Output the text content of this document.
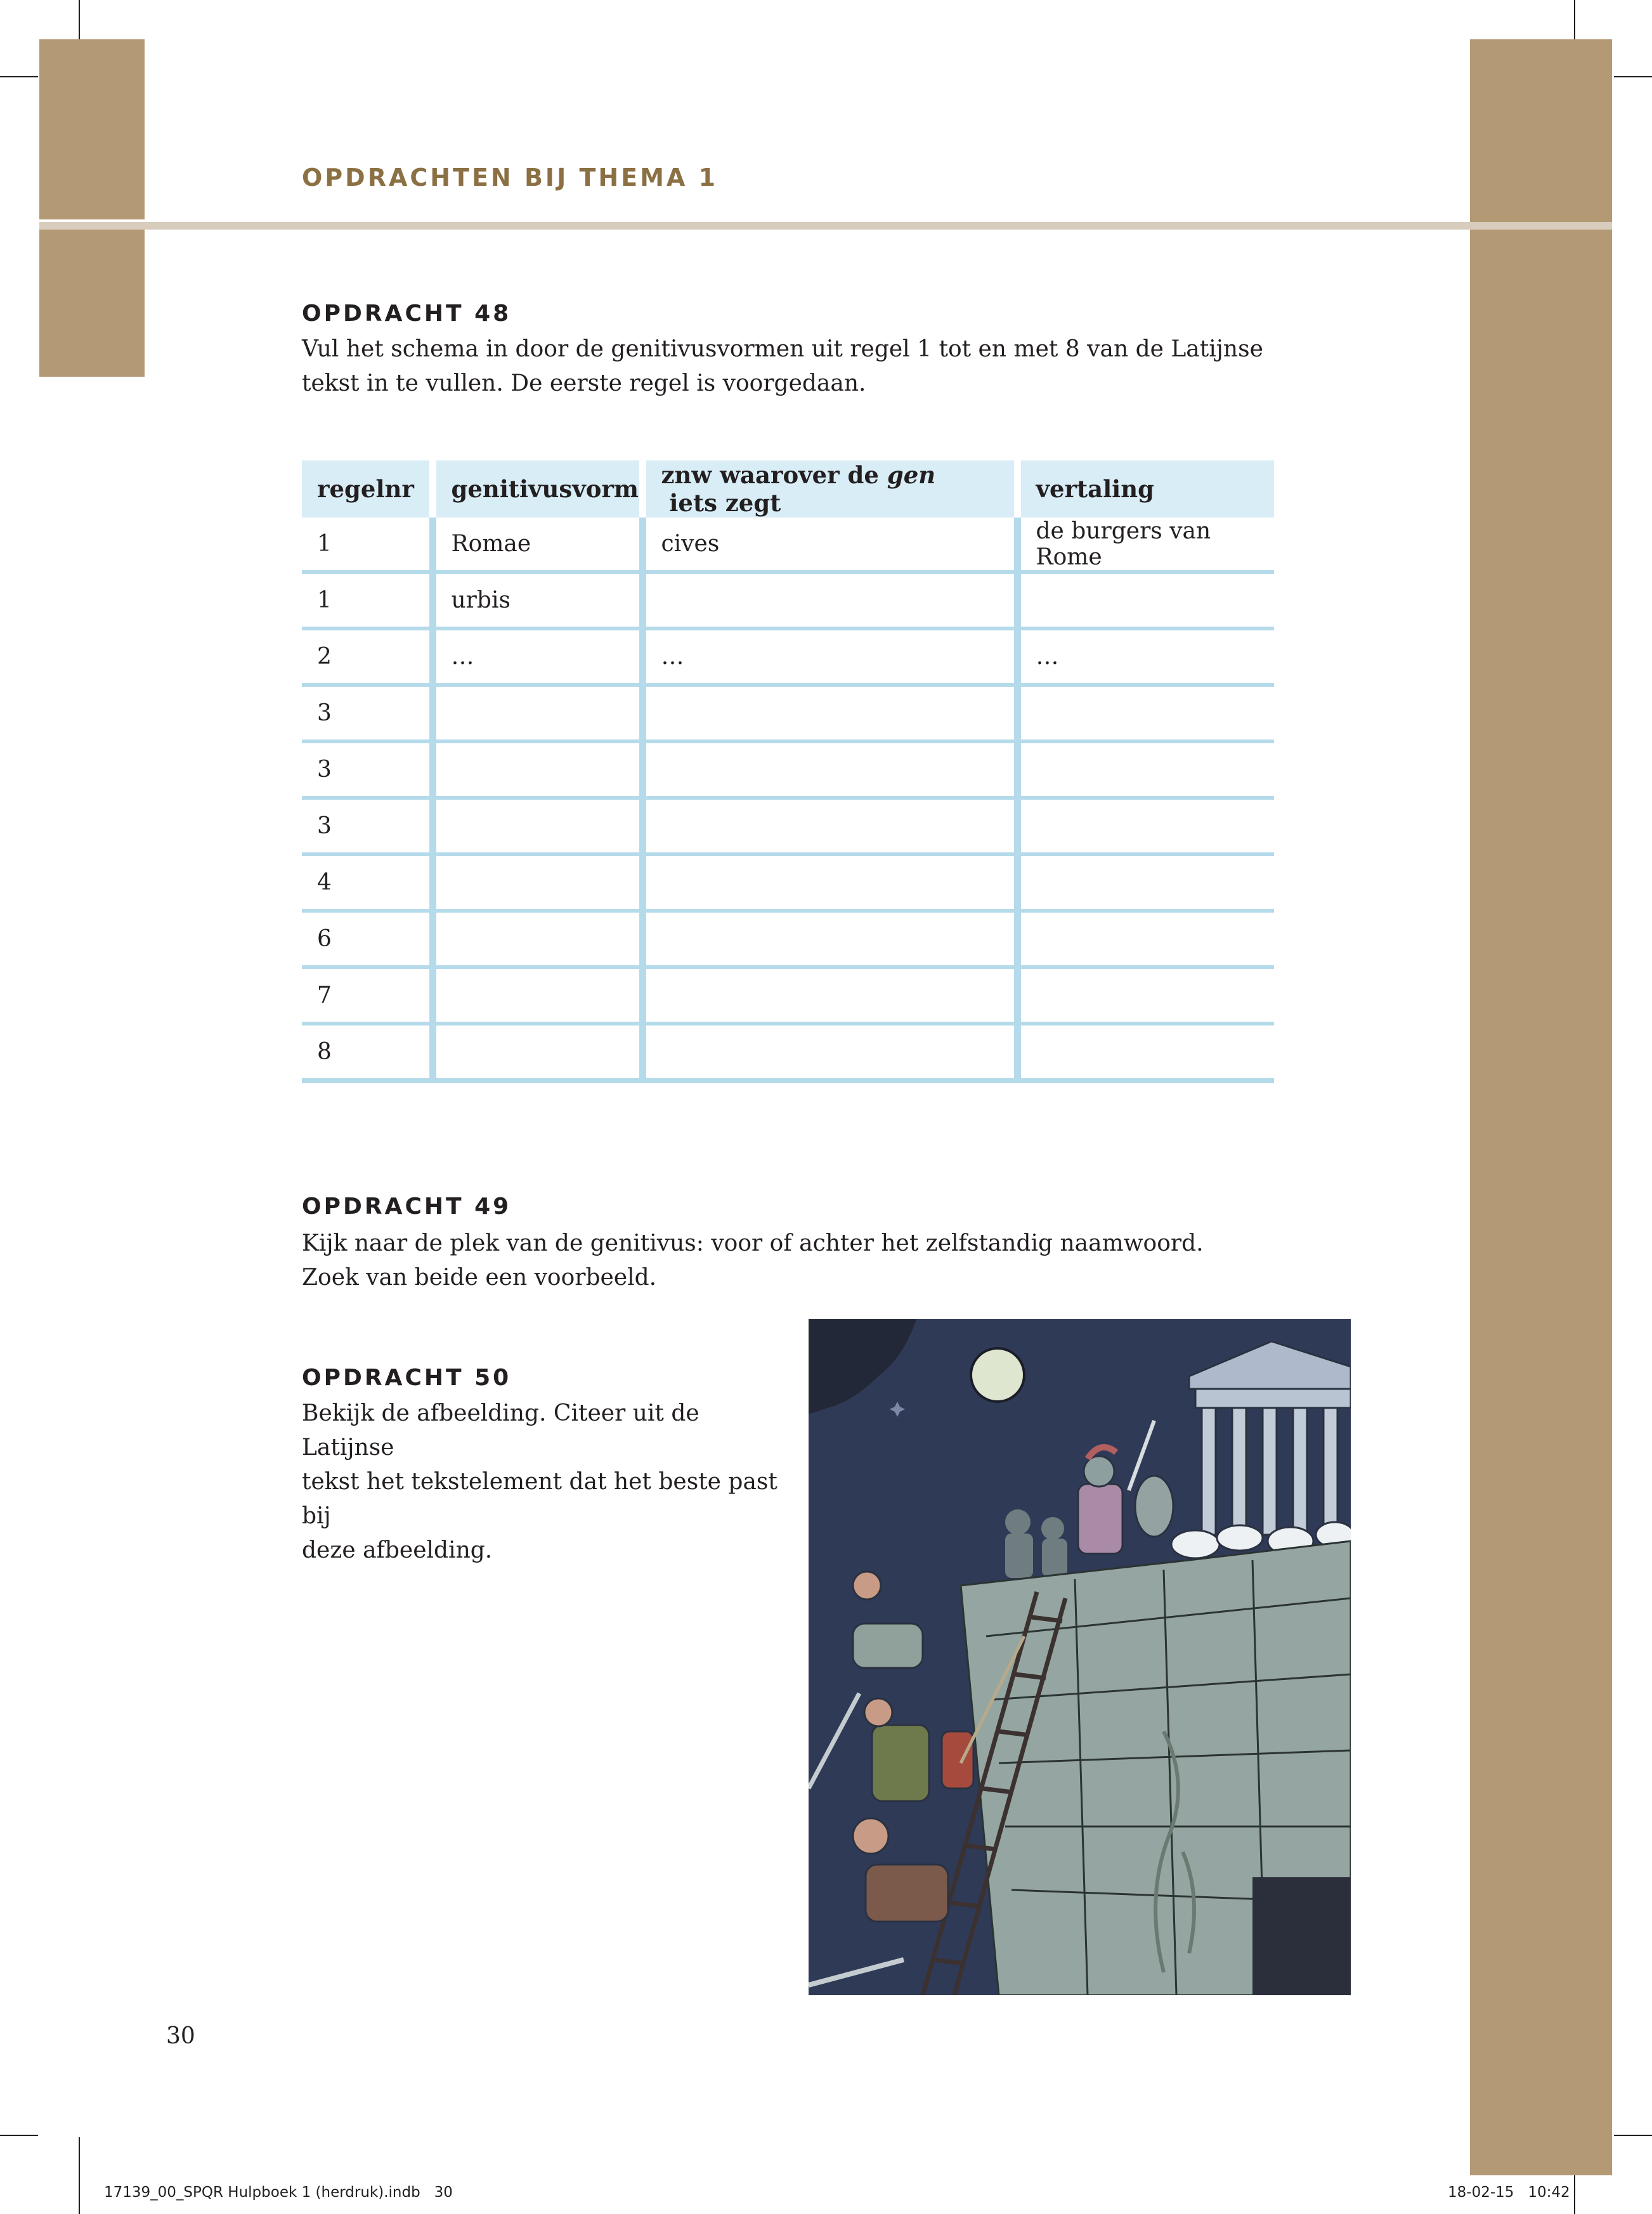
OPDRACHTEN BIJ THEMA 1
OPDRACHT 48
Vul het schema in door de genitivusvormen uit regel 1 tot en met 8 van de Latijnse
tekst in te vullen. De eerste regel is voorgedaan.
regelnr	genitivusvorm	znw waarover de gen iets zegt	vertaling
1	Romae	cives	de burgers van Rome
1	urbis		
2	…	…	…
3			
3			
3			
4			
6			
7			
8			
OPDRACHT 49
Kijk naar de plek van de genitivus: voor of achter het zelfstandig naamwoord.
Zoek van beide een voorbeeld.
OPDRACHT 50
Bekijk de afbeelding. Citeer uit de Latijnse
tekst het tekstelement dat het beste past bij
deze afbeelding.
30
17139_00_SPQR Hulpboek 1 (herdruk).indb   30	18-02-15   10:42
